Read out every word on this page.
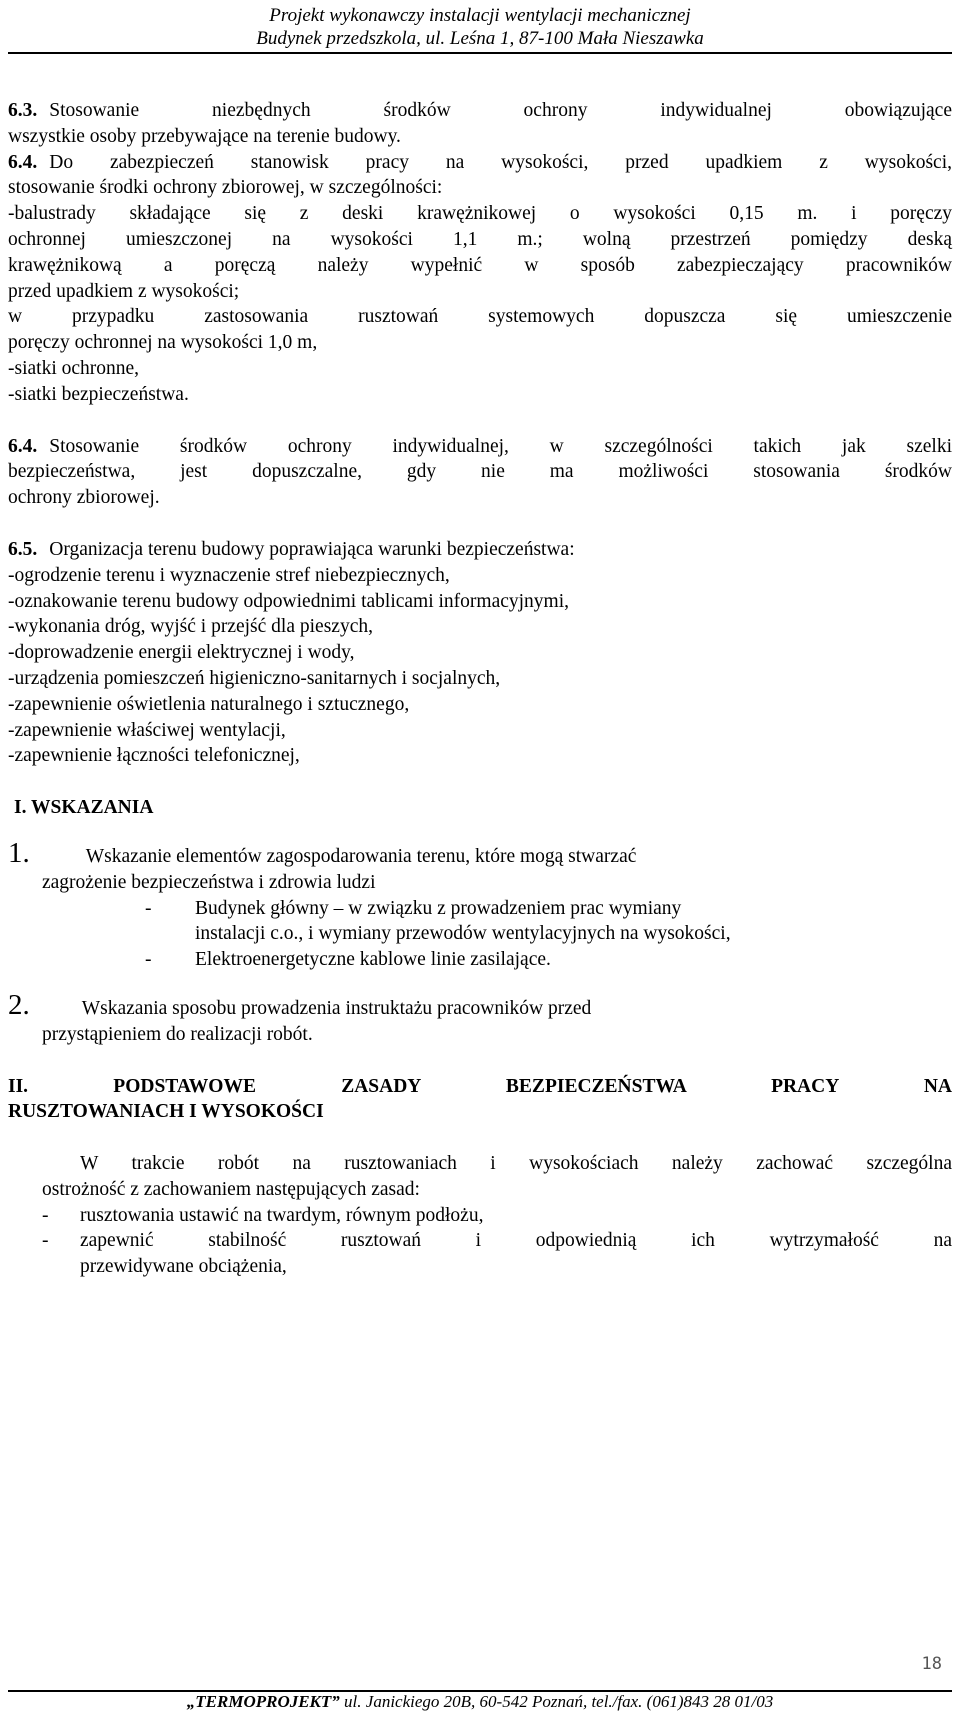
Projekt wykonawczy instalacji wentylacji mechanicznej
Budynek przedszkola, ul. Leśna 1, 87-100 Mała Nieszawka

6.3. Stosowanie niezbędnych środków ochrony indywidualnej obowiązujące

wszystkie osoby przebywające na terenie budowy.

6.4. Do zabezpieczeń stanowisk pracy na wysokości, przed upadkiem z wysokości,

stosowanie środki ochrony zbiorowej, w szczególności:

-balustrady składające się z deski krawężnikowej o wysokości 0,15 m. i poręczy

ochronnej umieszczonej na wysokości 1,1 m.; wolną przestrzeń pomiędzy deską

krawężnikową a poręczą należy wypełnić w sposób zabezpieczający pracowników

przed upadkiem z wysokości;

w przypadku zastosowania rusztowań systemowych dopuszcza się umieszczenie

poręczy ochronnej na wysokości 1,0 m,

-siatki ochronne,

-siatki bezpieczeństwa.

6.4. Stosowanie środków ochrony indywidualnej, w szczególności takich jak szelki

bezpieczeństwa, jest dopuszczalne, gdy nie ma możliwości stosowania środków

ochrony zbiorowej.

6.5. Organizacja terenu budowy poprawiająca warunki bezpieczeństwa:

-ogrodzenie terenu i wyznaczenie stref niebezpiecznych,

-oznakowanie terenu budowy odpowiednimi tablicami informacyjnymi,

-wykonania dróg, wyjść i przejść dla pieszych,

-doprowadzenie energii elektrycznej i wody,

-urządzenia pomieszczeń higieniczno-sanitarnych i socjalnych,

-zapewnienie oświetlenia naturalnego i sztucznego,

-zapewnienie właściwej wentylacji,

-zapewnienie łączności telefonicznej,

I. WSKAZANIA

1.	Wskazanie elementów zagospodarowania terenu, które mogą stwarzać

zagrożenie bezpieczeństwa i zdrowia ludzi

- Budynek główny – w związku z prowadzeniem prac wymiany

instalacji c.o., i wymiany przewodów wentylacyjnych na wysokości,

- Elektroenergetyczne kablowe linie zasilające.

2.	Wskazania sposobu prowadzenia instruktażu pracowników przed

przystąpieniem do realizacji robót.

II. PODSTAWOWE ZASADY BEZPIECZEŃSTWA PRACY NA

RUSZTOWANIACH I WYSOKOŚCI

W trakcie robót na rusztowaniach i wysokościach należy zachować szczególna

ostrożność z zachowaniem następujących zasad:

- rusztowania ustawić na twardym, równym podłożu,

- zapewnić stabilność rusztowań i odpowiednią ich wytrzymałość na

przewidywane obciążenia,

18
„TERMOPROJEKT” ul. Janickiego 20B, 60-542 Poznań, tel./fax. (061)843 28 01/03
